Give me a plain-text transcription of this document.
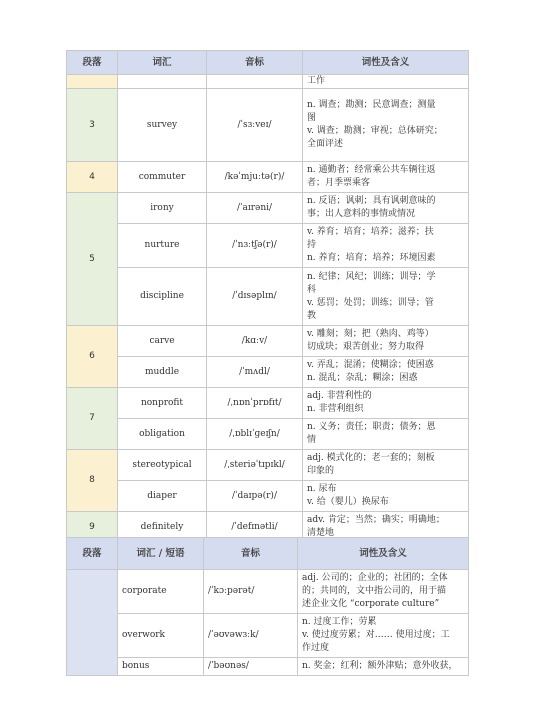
段落	词汇	音标	词性及含义
			工作
3	survey	/ˈsɜːveɪ/	n. 调查；勘测；民意调查；测量
图
v. 调查；勘测；审视；总体研究；
全面评述

4	commuter	/kəˈmjuːtə(r)/	n. 通勤者；经常乘公共车辆往返
者；月季票乘客

5	irony	/ˈaɪrəni/	n. 反语；讽刺；具有讽刺意味的
事；出人意料的事情或情况

	nurture	/ˈnɜːtʃə(r)/	v. 养育；培育；培养；滋养；扶
持
n. 养育；培育；培养；环境因素

	discipline	/ˈdɪsəplɪn/	n. 纪律；风纪；训练；训导；学
科
v. 惩罚；处罚；训练；训导；管
教

6	carve	/kɑːv/	v. 雕刻；刻；把（熟肉、鸡等）
切成块；艰苦创业；努力取得

	muddle	/ˈmʌdl/	v. 弄乱；混淆；使糊涂；使困惑
n. 混乱；杂乱；糊涂；困惑

7	nonprofit	/ˌnɒnˈprɒfɪt/	adj. 非营利性的
n. 非营利组织

	obligation	/ˌɒblɪˈɡeɪʃn/	n. 义务；责任；职责；债务；恩
情

8	stereotypical	/ˌsteriəˈtɪpɪkl/	adj. 模式化的；老一套的；刻板
印象的

	diaper	/ˈdaɪpə(r)/	n. 尿布
v. 给（婴儿）换尿布

9	definitely	/ˈdefɪnətli/	adv. 肯定；当然；确实；明确地；
清楚地
段落	词汇 / 短语	音标	词性及含义
	corporate	/ˈkɔːpərət/	adj. 公司的；企业的；社团的；全体
的；共同的，文中指公司的，用于描
述企业文化 “corporate culture”

	overwork	/ˈəʊvəwɜːk/	n. 过度工作；劳累
v. 使过度劳累；对…… 使用过度；工
作过度

	bonus	/ˈbəʊnəs/	n. 奖金；红利；额外津贴；意外收获，
